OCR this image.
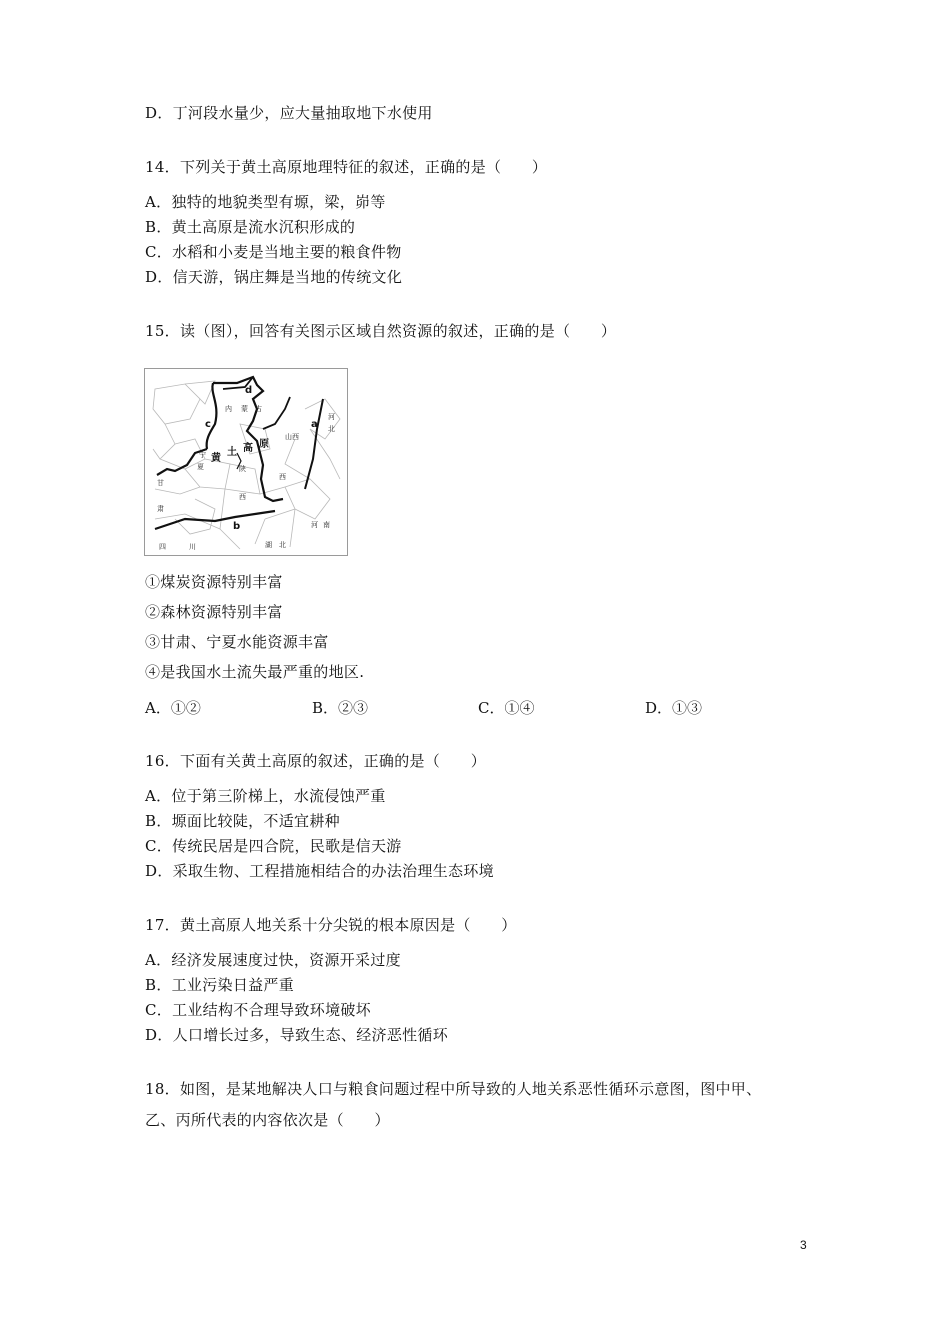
D．丁河段水量少，应大量抽取地下水使用
14．下列关于黄土高原地理特征的叙述，正确的是（　　）
A．独特的地貌类型有塬，梁，峁等
B．黄土高原是流水沉积形成的
C．水稻和小麦是当地主要的粮食件物
D．信天游，锅庄舞是当地的传统文化
15．读（图），回答有关图示区域自然资源的叙述，正确的是（　　）
内 蒙 古
河
北
山西
宁
夏
黄
土 高 原
陕
西
西
甘
肃
河 南
四	川	湖 北
a
b
c
d
①煤炭资源特别丰富
②森林资源特别丰富
③甘肃、宁夏水能资源丰富
④是我国水土流失最严重的地区.
A．①②	B．②③	C．①④	D．①③
16．下面有关黄土高原的叙述，正确的是（　　）
A．位于第三阶梯上，水流侵蚀严重
B．塬面比较陡，不适宜耕种
C．传统民居是四合院，民歌是信天游
D．采取生物、工程措施相结合的办法治理生态环境
17．黄土高原人地关系十分尖锐的根本原因是（　　）
A．经济发展速度过快，资源开采过度
B．工业污染日益严重
C．工业结构不合理导致环境破坏
D．人口增长过多，导致生态、经济恶性循环
18．如图，是某地解决人口与粮食问题过程中所导致的人地关系恶性循环示意图，图中甲、
乙、丙所代表的内容依次是（　　）
3
